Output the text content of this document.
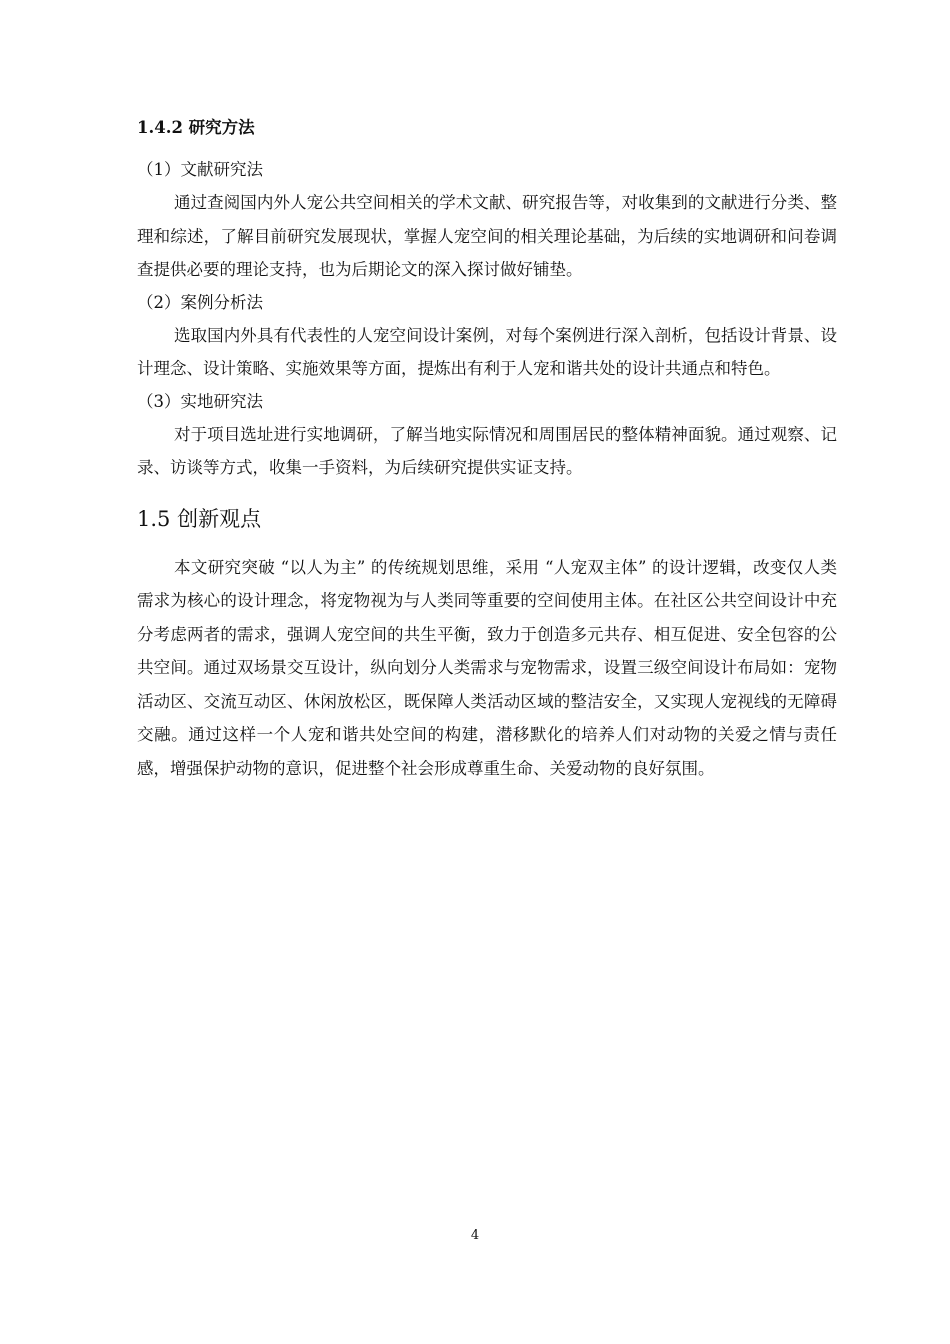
1.4.2 研究方法
（1）文献研究法

通过查阅国内外人宠公共空间相关的学术文献、研究报告等，对收集到的文献进行分类、整理和综述，了解目前研究发展现状，掌握人宠空间的相关理论基础，为后续的实地调研和问卷调查提供必要的理论支持，也为后期论文的深入探讨做好铺垫。

（2）案例分析法

选取国内外具有代表性的人宠空间设计案例，对每个案例进行深入剖析，包括设计背景、设计理念、设计策略、实施效果等方面，提炼出有利于人宠和谐共处的设计共通点和特色。

（3）实地研究法

对于项目选址进行实地调研，了解当地实际情况和周围居民的整体精神面貌。通过观察、记录、访谈等方式，收集一手资料，为后续研究提供实证支持。

1.5 创新观点

本文研究突破 “以人为主” 的传统规划思维，采用 “人宠双主体” 的设计逻辑，改变仅人类需求为核心的设计理念，将宠物视为与人类同等重要的空间使用主体。在社区公共空间设计中充分考虑两者的需求，强调人宠空间的共生平衡，致力于创造多元共存、相互促进、安全包容的公共空间。通过双场景交互设计，纵向划分人类需求与宠物需求，设置三级空间设计布局如：宠物活动区、交流互动区、休闲放松区，既保障人类活动区域的整洁安全，又实现人宠视线的无障碍交融。通过这样一个人宠和谐共处空间的构建，潜移默化的培养人们对动物的关爱之情与责任感，增强保护动物的意识，促进整个社会形成尊重生命、关爱动物的良好氛围。

4
